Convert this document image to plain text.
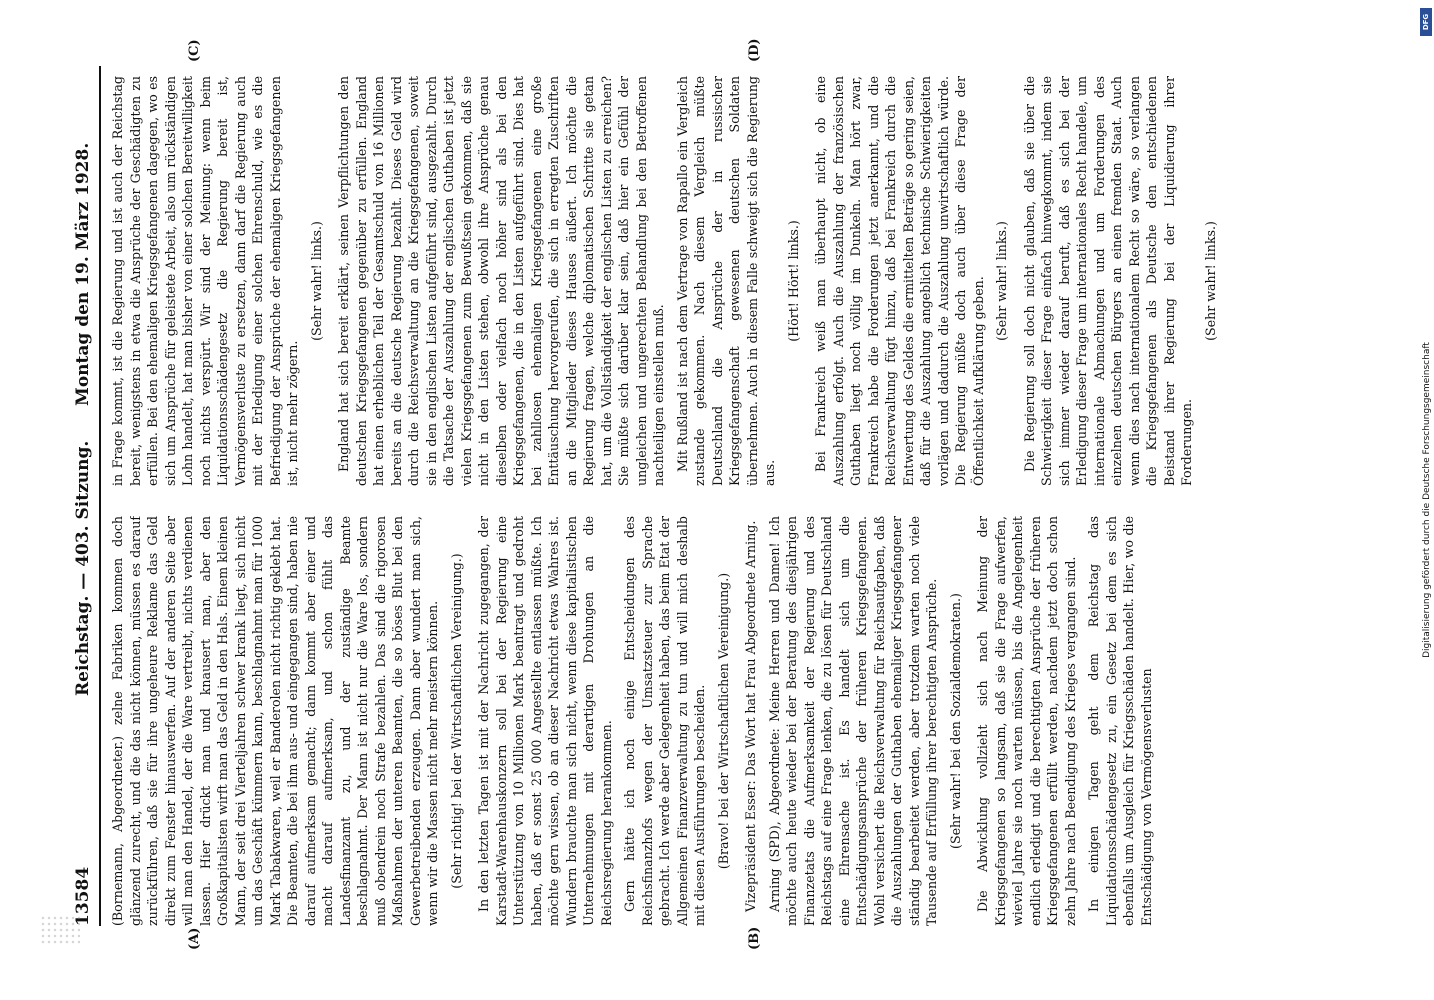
13584
Reichstag. — 403. Sitzung.
Montag den 19. März 1928.
(A)	(B)
(C)	(D)

(Bornemann, Abgeordneter.) zelne Fabriken kommen doch glänzend zurecht, und die das nicht können, müssen es darauf zurückführen, daß sie für ihre ungeheure Reklame das Geld direkt zum Fenster hinauswerfen. Auf der anderen Seite aber will man den Handel, der die Ware vertreibt, nichts verdienen lassen. Hier drückt man und knausert man, aber den Großkapitalisten wirft man das Geld in den Hals. Einem kleinen Mann, der seit drei Vierteljahren schwer krank liegt, sich nicht um das Geschäft kümmern kann, beschlagnahmt man für 1000 Mark Tabakwaren, weil er Banderolen nicht richtig geklebt hat. Die Beamten, die bei ihm aus- und eingegangen sind, haben nie darauf aufmerksam gemacht; dann kommt aber einer und macht darauf aufmerksam, und schon fühlt das Landesfinanzamt zu, und der zuständige Beamte beschlagnahmt. Der Mann ist nicht nur die Ware los, sondern muß obendrein noch Strafe bezahlen. Das sind die rigorosen Maßnahmen der unteren Beamten, die so böses Blut bei den Gewerbetreibenden erzeugen. Dann aber wundert man sich, wenn wir die Massen nicht mehr meistern können. (Sehr richtig! bei der Wirtschaftlichen Vereinigung.) In den letzten Tagen ist mit der Nachricht zugegangen, der Karstadt-Warenhauskonzern soll bei der Regierung eine Unterstützung von 10 Millionen Mark beantragt und gedroht haben, daß er sonst 25 000 Angestellte entlassen müßte. Ich möchte gern wissen, ob an dieser Nachricht etwas Wahres ist. Wundern brauchte man sich nicht, wenn diese kapitalistischen Unternehmungen mit derartigen Drohungen an die Reichsregierung herankommen. Gern hätte ich noch einige Entscheidungen des Reichsfinanzhofs wegen der Umsatzsteuer zur Sprache gebracht. Ich werde aber Gelegenheit haben, das beim Etat der Allgemeinen Finanzverwaltung zu tun und will mich deshalb mit diesen Ausführungen bescheiden. (Bravo! bei der Wirtschaftlichen Vereinigung.) Vizepräsident Esser: Das Wort hat Frau Abgeordnete Arning. Arning (SPD), Abgeordnete: Meine Herren und Damen! Ich möchte auch heute wieder bei der Beratung des diesjährigen Finanzetats die Aufmerksamkeit der Regierung und des Reichstags auf eine Frage lenken, die zu lösen für Deutschland eine Ehrensache ist. Es handelt sich um die Entschädigungsansprüche der früheren Kriegsgefangenen. Wohl versichert die Reichsverwaltung für Reichsaufgaben, daß die Auszahlungen der Guthaben ehemaliger Kriegsgefangener ständig bearbeitet werden, aber trotzdem warten noch viele Tausende auf Erfüllung ihrer berechtigten Ansprüche. (Sehr wahr! bei den Sozialdemokraten.) Die Abwicklung vollzieht sich nach Meinung der Kriegsgefangenen so langsam, daß sie die Frage aufwerfen, wieviel Jahre sie noch warten müssen, bis die Angelegenheit endlich erledigt und die berechtigten Ansprüche der früheren Kriegsgefangenen erfüllt werden, nachdem jetzt doch schon zehn Jahre nach Beendigung des Krieges vergangen sind. In einigen Tagen geht dem Reichstag das Liquidationsschädengesetz zu, ein Gesetz bei dem es sich ebenfalls um Ausgleich für Kriegsschäden handelt. Hier, wo die Entschädigung von Vermögensverlusten

in Frage kommt, ist die Regierung und ist auch der Reichstag bereit, wenigstens in etwa die Ansprüche der Geschädigten zu erfüllen. Bei den ehemaligen Kriegsgefangenen dagegen, wo es sich um Ansprüche für geleistete Arbeit, also um rückständigen Lohn handelt, hat man bisher von einer solchen Bereitwilligkeit noch nichts verspürt. Wir sind der Meinung: wenn beim Liquidationsschädengesetz die Regierung bereit ist, Vermögensverluste zu ersetzen, dann darf die Regierung auch mit der Erledigung einer solchen Ehrenschuld, wie es die Befriedigung der Ansprüche der ehemaligen Kriegsgefangenen ist, nicht mehr zögern.

(Sehr wahr! links.) England hat sich bereit erklärt, seinen Verpflichtungen den deutschen Kriegsgefangenen gegenüber zu erfüllen. England hat einen erheblichen Teil der Gesamtschuld von 16 Millionen bereits an die deutsche Regierung bezahlt. Dieses Geld wird durch die Reichsverwaltung an die Kriegsgefangenen, soweit sie in den englischen Listen aufgeführt sind, ausgezahlt. Durch die Tatsache der Auszahlung der englischen Guthaben ist jetzt vielen Kriegsgefangenen zum Bewußtsein gekommen, daß sie nicht in den Listen stehen, obwohl ihre Ansprüche genau dieselben oder vielfach noch höher sind als bei den Kriegsgefangenen, die in den Listen aufgeführt sind. Dies hat bei zahllosen ehemaligen Kriegsgefangenen eine große Enttäuschung hervorgerufen, die sich in erregten Zuschriften an die Mitglieder dieses Hauses äußert. Ich möchte die Regierung fragen, welche diplomatischen Schritte sie getan hat, um die Vollständigkeit der englischen Listen zu erreichen? Sie müßte sich darüber klar sein, daß hier ein Gefühl der ungleichen und ungerechten Behandlung bei den Betroffenen nachteiligen einstellen muß. Mit Rußland ist nach dem Vertrage von Rapallo ein Vergleich zustande gekommen. Nach diesem Vergleich müßte Deutschland die Ansprüche der in russischer Kriegsgefangenschaft gewesenen deutschen Soldaten übernehmen. Auch in diesem Falle schweigt sich die Regierung aus.

(Hört! Hört! links.) Bei Frankreich weiß man überhaupt nicht, ob eine Auszahlung erfolgt. Auch die Auszahlung der französischen Guthaben liegt noch völlig im Dunkeln. Man hört zwar, Frankreich habe die Forderungen jetzt anerkannt, und die Reichsverwaltung fügt hinzu, daß bei Frankreich durch die Entwertung des Geldes die ermittelten Beträge so gering seien, daß für die Auszahlung angeblich technische Schwierigkeiten vorlägen und dadurch die Auszahlung unwirtschaftlich würde. Die Regierung müßte doch auch über diese Frage der Öffentlichkeit Aufklärung geben. (Sehr wahr! links.) Die Regierung soll doch nicht glauben, daß sie über die Schwierigkeit dieser Frage einfach hinwegkommt, indem sie sich immer wieder darauf beruft, daß es sich bei der Erledigung dieser Frage um internationales Recht handele, um internationale Abmachungen und um Forderungen des einzelnen deutschen Bürgers an einen fremden Staat. Auch wenn dies nach internationalem Recht so wäre, so verlangen die Kriegsgefangenen als Deutsche den entschiedenen Beistand ihrer Regierung bei der Liquidierung ihrer Forderungen.

(Sehr wahr! links.)

DFG
Digitalisierung gefördert durch die Deutsche Forschungsgemeinschaft
